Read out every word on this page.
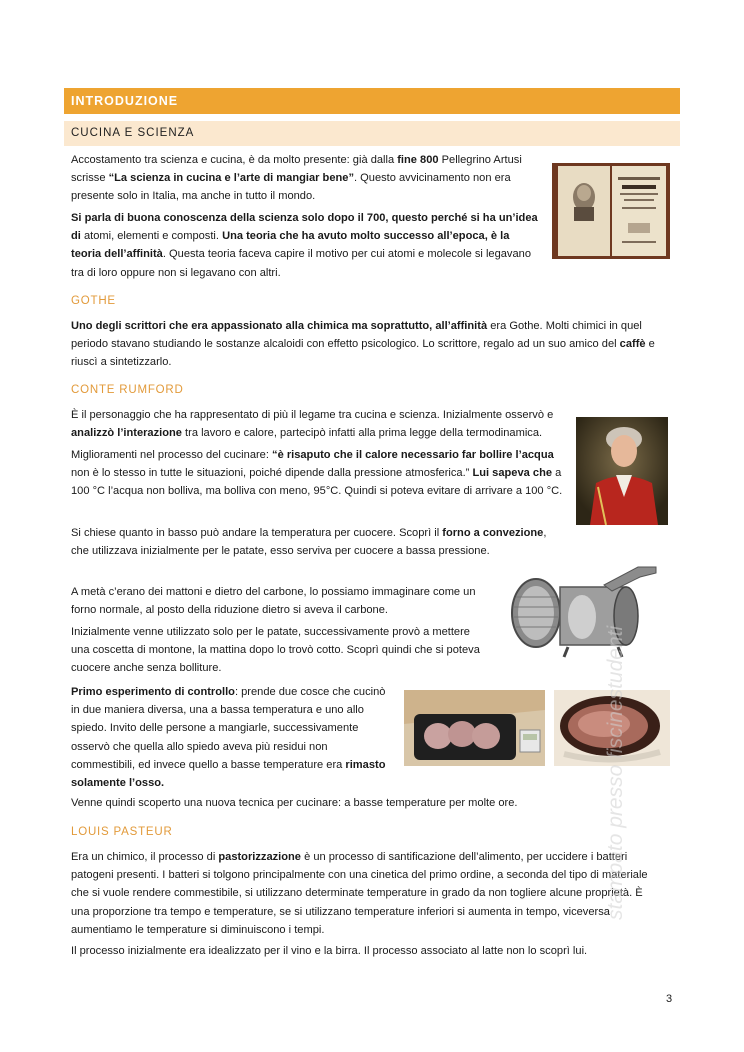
INTRODUZIONE
CUCINA E SCIENZA
Accostamento tra scienza e cucina, è da molto presente: già dalla fine 800 Pellegrino Artusi scrisse “La scienza in cucina e l’arte di mangiar bene”. Questo avvicinamento non era presente solo in Italia, ma anche in tutto il mondo.
Si parla di buona conoscenza della scienza solo dopo il 700, questo perché si ha un’idea di atomi, elementi e composti. Una teoria che ha avuto molto successo all’epoca, è la teoria dell’affinità. Questa teoria faceva capire il motivo per cui atomi e molecole si legavano tra di loro oppure non si legavano con altri.
GOTHE
Uno degli scrittori che era appassionato alla chimica ma soprattutto, all’affinità era Gothe. Molti chimici in quel periodo stavano studiando le sostanze alcaloidi con effetto psicologico. Lo scrittore, regalo ad un suo amico del caffè e riuscì a sintetizzarlo.
CONTE RUMFORD
È il personaggio che ha rappresentato di più il legame tra cucina e scienza. Inizialmente osservò e analizzò l’interazione tra lavoro e calore, partecipò infatti alla prima legge della termodinamica.
Miglioramenti nel processo del cucinare: “è risaputo che il calore necessario far bollire l’acqua non è lo stesso in tutte le situazioni, poiché dipende dalla pressione atmosferica.” Lui sapeva che a 100 °C l’acqua non bolliva, ma bolliva con meno, 95°C. Quindi si poteva evitare di arrivare a 100 °C.
Si chiese quanto in basso può andare la temperatura per cuocere. Scoprì il forno a convezione, che utilizzava inizialmente per le patate, esso serviva per cuocere a bassa pressione.
A metà c’erano dei mattoni e dietro del carbone, lo possiamo immaginare come un forno normale, al posto della riduzione dietro si aveva il carbone.
Inizialmente venne utilizzato solo per le patate, successivamente provò a mettere una coscetta di montone, la mattina dopo lo trovò cotto. Scoprì quindi che si poteva cuocere anche senza bolliture.
Primo esperimento di controllo: prende due cosce che cucinò in due maniera diversa, una a bassa temperatura e uno allo spiedo. Invito delle persone a mangiarle, successivamente osservò che quella allo spiedo aveva più residui non commestibili, ed invece quello a basse temperature era rimasto solamente l’osso.
Venne quindi scoperto una nuova tecnica per cucinare: a basse temperature per molte ore.
LOUIS PASTEUR
Era un chimico, il processo di pastorizzazione è un processo di santificazione dell’alimento, per uccidere i batteri patogeni presenti. I batteri si tolgono principalmente con una cinetica del primo ordine, a seconda del tipo di materiale che si vuole rendere commestibile, si utilizzano determinate temperature in grado da non togliere alcune proprietà. È una proporzione tra tempo e temperature, se si utilizzano temperature inferiori si aumenta in tempo, viceversa aumentiamo le temperature si diminuiscono i tempi.
Il processo inizialmente era idealizzato per il vino e la birra. Il processo associato al latte non lo scoprì lui.
stampato presso fiscinestudenti
3
